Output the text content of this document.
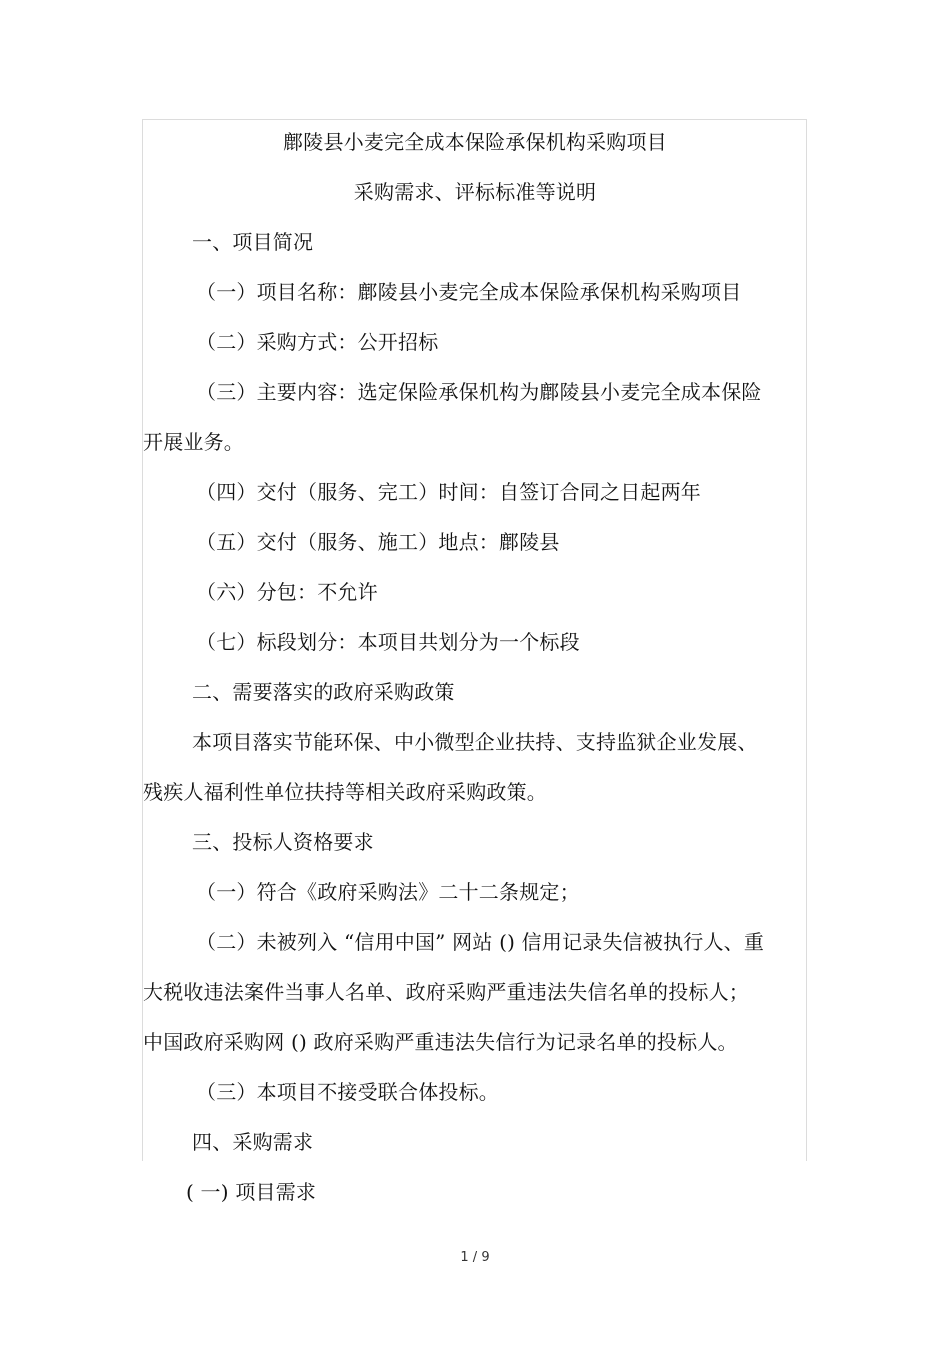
鄜陵县小麦完全成本保险承保机构采购项目
采购需求、评标标准等说明
一、项目简况
（一）项目名称：鄜陵县小麦完全成本保险承保机构采购项目
（二）采购方式：公开招标
（三）主要内容：选定保险承保机构为鄜陵县小麦完全成本保险
开展业务。
（四）交付（服务、完工）时间：自签订合同之日起两年
（五）交付（服务、施工）地点：鄜陵县
（六）分包：不允许
（七）标段划分：本项目共划分为一个标段
二、需要落实的政府采购政策
本项目落实节能环保、中小微型企业扶持、支持监狱企业发展、
残疾人福利性单位扶持等相关政府采购政策。
三、投标人资格要求
（一）符合《政府采购法》二十二条规定；
（二）未被列入 “信用中国” 网站 () 信用记录失信被执行人、重
大税收违法案件当事人名单、政府采购严重违法失信名单的投标人；
中国政府采购网 () 政府采购严重违法失信行为记录名单的投标人。
（三）本项目不接受联合体投标。
四、采购需求
( 一) 项目需求
1 / 9
